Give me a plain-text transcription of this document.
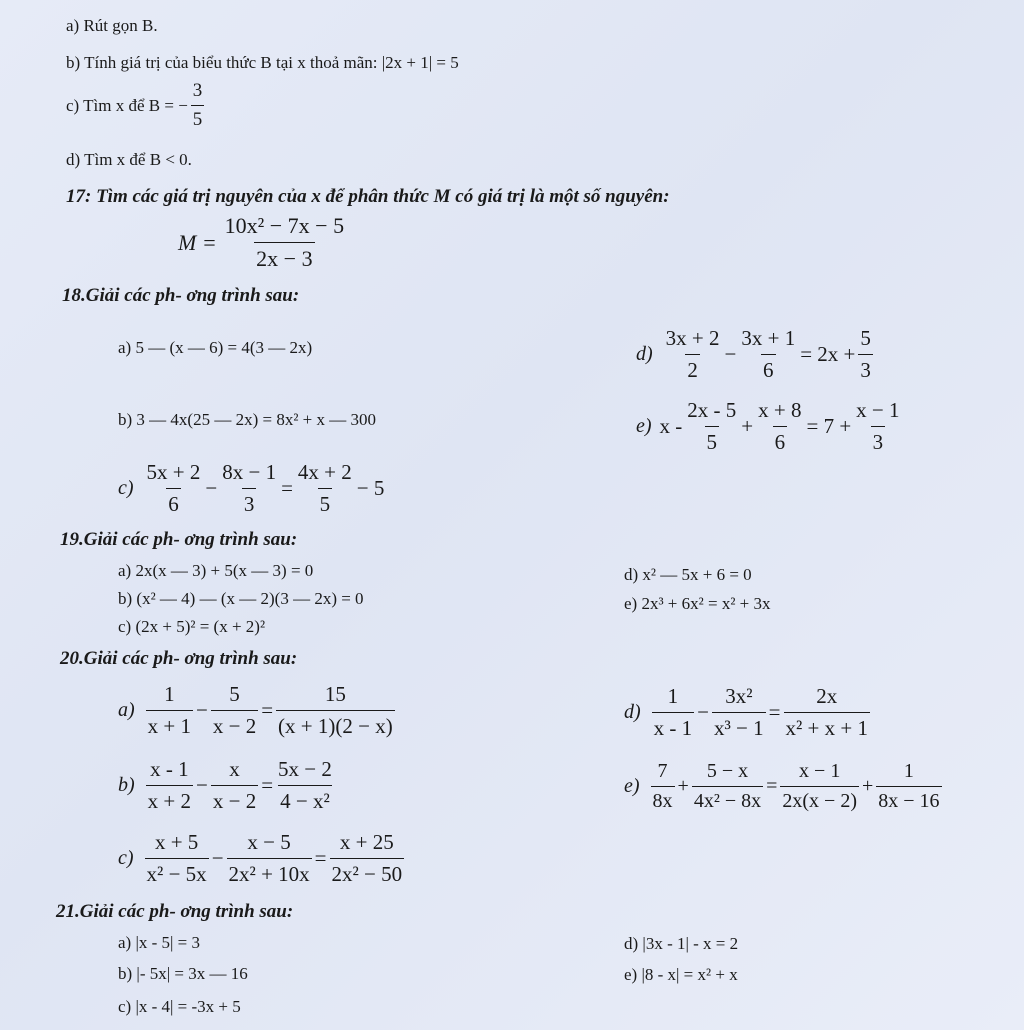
a) Rút gọn B.
b) Tính giá trị của biểu thức B tại x thoả mãn: |2x + 1| = 5
c) Tìm x để B = − $\frac{3}{5}$
d) Tìm x để B < 0.
17: Tìm các giá trị nguyên của x để phân thức M có giá trị là một số nguyên:
$M = \frac{\text{10x² − 7x − 5}}{2x - 3}$
18.Giải các ph- ơng trình sau:
a) 5 — (x — 6) = 4(3 — 2x)
b) 3 — 4x(25 — 2x) = 8x² + x — 300
$c) \frac{5x + 2}{6} - \frac{8x - 1}{3} = \frac{4x + 2}{5} - 5$
$d) \frac{3x + 2}{2} - \frac{3x + 1}{6} = 2x + \frac{5}{3}$
e) $x - \frac{2x - 5}{5} + \frac{x + 8}{6} = 7 + \frac{x - 1}{3}$
19.Giải các ph- ơng trình sau:
a) 2x(x — 3) + 5(x — 3) = 0
b) (x² — 4) — (x — 2)(3 — 2x) = 0
c) (2x + 5)² = (x + 2)²
d) x² — 5x + 6 = 0
e) 2x³ + 6x² = x² + 3x
20.Giải các ph- ơng trình sau:
$a) \frac{1}{x + 1} - \frac{5}{x - 2} = \frac{15}{(x + 1)(2 - x)}$
$b) \frac{x - 1}{x + 2} - \frac{x}{x - 2} = \frac{5x - 2}{\text{4 − x²}}$
$c) \frac{x + 5}{\text{x² − 5x}} - \frac{x - 5}{\text{2x² + 10x}} = \frac{x + 25}{\text{2x² − 50}}$
$d) \frac{1}{x - 1} - \frac{\text{3x²}}{\text{x³ − 1}} = \frac{2x}{\text{x² + x + 1}}$
$e) \frac{7}{8x} + \frac{5 - x}{\text{4x² − 8x}} = \frac{x - 1}{2x(x - 2)} + \frac{1}{8x - 16}$
21.Giải các ph- ơng trình sau:
a) |x - 5| = 3
b) |- 5x| = 3x — 16
c) |x - 4| = -3x + 5
d) |3x - 1| - x = 2
e) |8 - x| = x² + x
